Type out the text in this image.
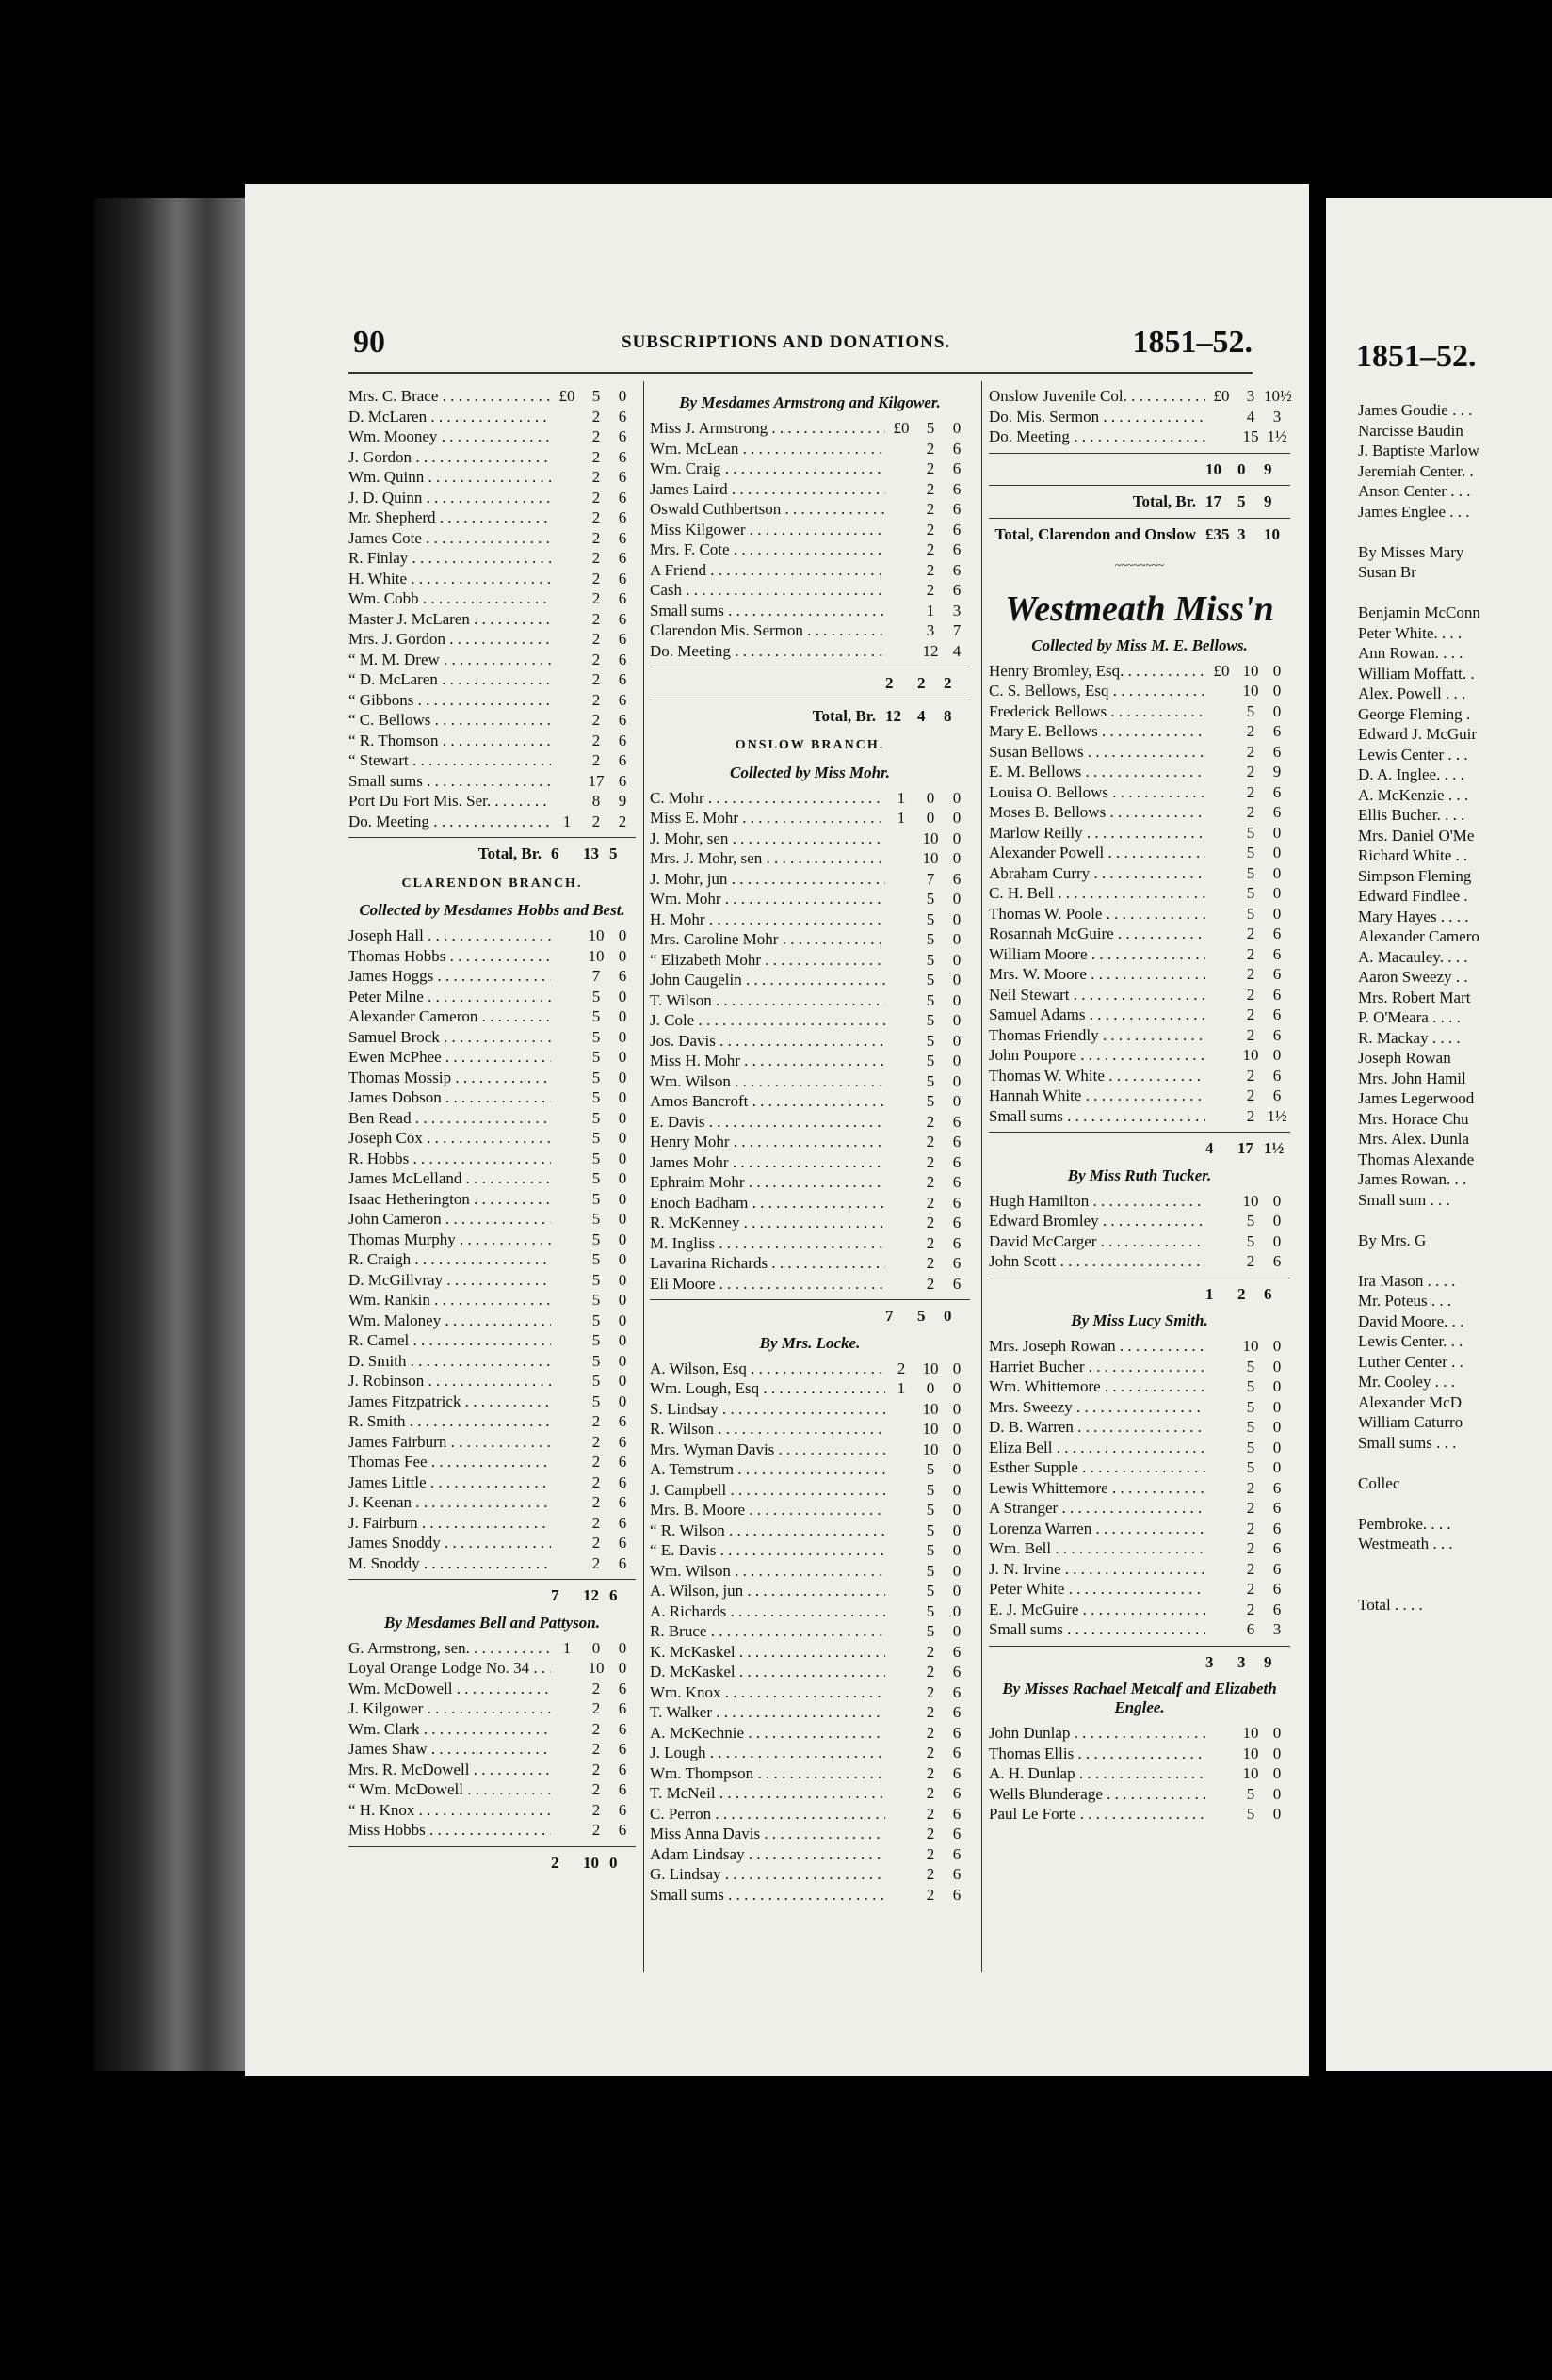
90	SUBSCRIPTIONS AND DONATIONS.	1851–52.
Mrs. C. Brace . . .	£0	5	0
D. McLaren . . .	2	6
Wm. Mooney . . .	2	6
J. Gordon . . .	2	6
Wm. Quinn . . .	2	6
J. D. Quinn . . .	2	6
Mr. Shepherd . . .	2	6
James Cote . . .	2	6
R. Finlay . . .	2	6
H. White . . .	2	6
Wm. Cobb . . .	2	6
Master J. McLaren . . .	2	6
Mrs. J. Gordon . . .	2	6
“ M. M. Drew . . .	2	6
“ D. McLaren . . .	2	6
“ Gibbons . . .	2	6
“ C. Bellows . . .	2	6
“ R. Thomson . . .	2	6
“ Stewart . . .	2	6
Small sums . . .	17 6
Port Du Fort Mis. Ser. . . .	8	9
Do. Meeting . . .	1	2	2
Total, Br. 6	13 5
CLARENDON BRANCH.
Collected by Mesdames Hobbs and Best.
Joseph Hall . . .	10 0
Thomas Hobbs . . .	10 0
James Hoggs . . .	7	6
Peter Milne . . .	5	0
Alexander Cameron . . .	5	0
Samuel Brock . . .	5	0
Ewen McPhee . . .	5	0
Thomas Mossip . . .	5	0
James Dobson . . .	5	0
Ben Read . . .	5	0
Joseph Cox . . .	5	0
R. Hobbs . . .	5	0
James McLelland . . .	5	0
Isaac Hetherington . . .	5	0
John Cameron . . .	5	0
Thomas Murphy . . .	5	0
R. Craigh . . .	5	0
D. McGillvray . . .	5	0
Wm. Rankin . . .	5	0
Wm. Maloney . . .	5	0
R. Camel . . .	5	0
D. Smith . . .	5	0
J. Robinson . . .	5	0
James Fitzpatrick . . .	5	0
R. Smith . . .	2	6
James Fairburn . . .	2	6
Thomas Fee . . .	2	6
James Little . . .	2	6
J. Keenan . . .	2	6
J. Fairburn . . .	2	6
James Snoddy . . .	2	6
M. Snoddy . . .	2	6
7	12 6
By Mesdames Bell and Pattyson.
G. Armstrong, sen. . . .	1	0	0
Loyal Orange Lodge No. 34 . . .	10 0
Wm. McDowell . . .	2	6
J. Kilgower . . .	2	6
Wm. Clark . . .	2	6
James Shaw . . .	2	6
Mrs. R. McDowell . . .	2	6
“ Wm. McDowell . . .	2	6
“ H. Knox . . .	2	6
Miss Hobbs . . .	2	6
2	10 0
By Mesdames Armstrong and Kilgower.
Miss J. Armstrong . . .	£0	5	0
Wm. McLean . . .	2	6
Wm. Craig . . .	2	6
James Laird . . .	2	6
Oswald Cuthbertson . . .	2	6
Miss Kilgower . . .	2	6
Mrs. F. Cote . . .	2	6
A Friend . . .	2	6
Cash . . .	2	6
Small sums . . .	1	3
Clarendon Mis. Sermon . . .	3	7
Do. Meeting . . .	12 4
2	2	2
Total, Br. 12	4	8
ONSLOW BRANCH.
Collected by Miss Mohr.
C. Mohr . . .	1	0	0
Miss E. Mohr . . .	1	0	0
J. Mohr, sen . . .	10 0
Mrs. J. Mohr, sen . . .	10 0
J. Mohr, jun . . .	7	6
Wm. Mohr . . .	5	0
H. Mohr . . .	5	0
Mrs. Caroline Mohr . . .	5	0
“ Elizabeth Mohr . . .	5	0
John Caugelin . . .	5	0
T. Wilson . . .	5	0
J. Cole . . .	5	0
Jos. Davis . . .	5	0
Miss H. Mohr . . .	5	0
Wm. Wilson . . .	5	0
Amos Bancroft . . .	5	0
E. Davis . . .	2	6
Henry Mohr . . .	2	6
James Mohr . . .	2	6
Ephraim Mohr . . .	2	6
Enoch Badham . . .	2	6
R. McKenney . . .	2	6
M. Ingliss . . .	2	6
Lavarina Richards . . .	2	6
Eli Moore . . .	2	6
7	5	0
By Mrs. Locke.
A. Wilson, Esq . . .	2	10 0
Wm. Lough, Esq . . .	1	0	0
S. Lindsay . . .	10 0
R. Wilson . . .	10 0
Mrs. Wyman Davis . . .	10 0
A. Temstrum . . .	5	0
J. Campbell . . .	5	0
Mrs. B. Moore . . .	5	0
“ R. Wilson . . .	5	0
“ E. Davis . . .	5	0
Wm. Wilson . . .	5	0
A. Wilson, jun . . .	5	0
A. Richards . . .	5	0
R. Bruce . . .	5	0
K. McKaskel . . .	2	6
D. McKaskel . . .	2	6
Wm. Knox . . .	2	6
T. Walker . . .	2	6
A. McKechnie . . .	2	6
J. Lough . . .	2	6
Wm. Thompson . . .	2	6
T. McNeil . . .	2	6
C. Perron . . .	2	6
Miss Anna Davis . . .	2	6
Adam Lindsay . . .	2	6
G. Lindsay . . .	2	6
Small sums . . .	2	6
Onslow Juvenile Col. . . .	£0	3 10½
Do. Mis. Sermon . . .	4	3
Do. Meeting . . .	15 1½
10	0	9
Total, Br. 17	5	9
Total, Clarendon and Onslow £35 3	10
~~~~~~~~
Westmeath Miss'n
Collected by Miss M. E. Bellows.
Henry Bromley, Esq. . . .	£0 10 0
C. S. Bellows, Esq . . .	10 0
Frederick Bellows . . .	5	0
Mary E. Bellows . . .	2	6
Susan Bellows . . .	2	6
E. M. Bellows . . .	2	9
Louisa O. Bellows . . .	2	6
Moses B. Bellows . . .	2	6
Marlow Reilly . . .	5	0
Alexander Powell . . .	5	0
Abraham Curry . . .	5	0
C. H. Bell . . .	5	0
Thomas W. Poole . . .	5	0
Rosannah McGuire . . .	2	6
William Moore . . .	2	6
Mrs. W. Moore . . .	2	6
Neil Stewart . . .	2	6
Samuel Adams . . .	2	6
Thomas Friendly . . .	2	6
John Poupore . . .	10 0
Thomas W. White . . .	2	6
Hannah White . . .	2	6
Small sums . . .	2 1½
4	17 1½
By Miss Ruth Tucker.
Hugh Hamilton . . .	10 0
Edward Bromley . . .	5	0
David McCarger . . .	5	0
John Scott . . .	2	6
1	2	6
By Miss Lucy Smith.
Mrs. Joseph Rowan . . .	10 0
Harriet Bucher . . .	5	0
Wm. Whittemore . . .	5	0
Mrs. Sweezy . . .	5	0
D. B. Warren . . .	5	0
Eliza Bell . . .	5	0
Esther Supple . . .	5	0
Lewis Whittemore . . .	2	6
A Stranger . . .	2	6
Lorenza Warren . . .	2	6
Wm. Bell . . .	2	6
J. N. Irvine . . .	2	6
Peter White . . .	2	6
E. J. McGuire . . .	2	6
Small sums . . .	6	3
3	3	9
By Misses Rachael Metcalf and Elizabeth Englee.
John Dunlap . . .	10 0
Thomas Ellis . . .	10 0
A. H. Dunlap . . .	10 0
Wells Blunderage . . .	5	0
Paul Le Forte . . .	5	0
1851–52.
James Goudie . . .
Narcisse Baudin
J. Baptiste Marlow
Jeremiah Center. .
Anson Center . . .
James Englee . . .
By Misses Mary
Susan Br
Benjamin McConn
Peter White. . . .
Ann Rowan. . . .
William Moffatt. .
Alex. Powell . . .
George Fleming .
Edward J. McGuir
Lewis Center . . .
D. A. Inglee. . . .
A. McKenzie . . .
Ellis Bucher. . . .
Mrs. Daniel O'Me
Richard White . .
Simpson Fleming
Edward Findlee .
Mary Hayes . . . .
Alexander Camero
A. Macauley. . . .
Aaron Sweezy . .
Mrs. Robert Mart
P. O'Meara . . . .
R. Mackay . . . .
Joseph Rowan
Mrs. John Hamil
James Legerwood
Mrs. Horace Chu
Mrs. Alex. Dunla
Thomas Alexande
James Rowan. . .
Small sum . . .
By Mrs. G
Ira Mason . . . .
Mr. Poteus . . .
David Moore. . .
Lewis Center. . .
Luther Center . .
Mr. Cooley . . .
Alexander McD
William Caturro
Small sums . . .
Collec
Pembroke. . . .
Westmeath . . .
Total . . . .
